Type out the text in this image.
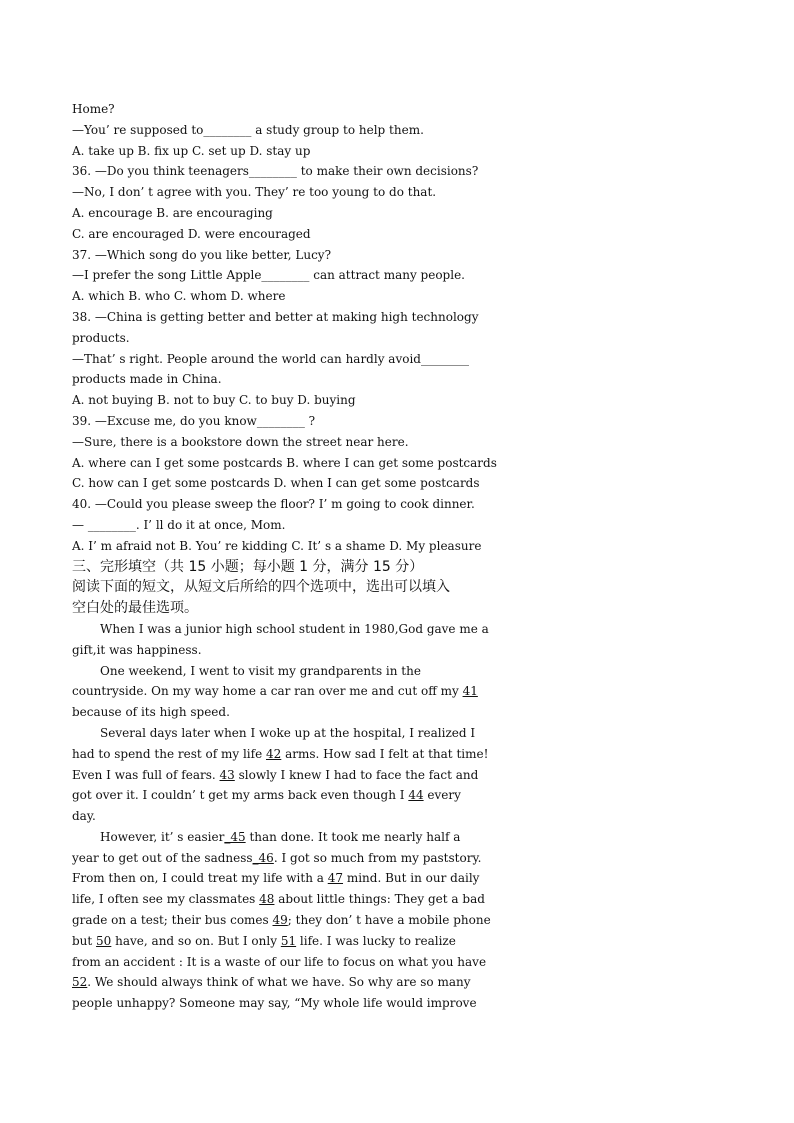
Home?
—You’ re supposed to________ a study group to help them.
A. take up B. fix up C. set up D. stay up
36. —Do you think teenagers________ to make their own decisions?
—No, I don’ t agree with you. They’ re too young to do that.
A. encourage B. are encouraging
C. are encouraged D. were encouraged
37. —Which song do you like better, Lucy?
—I prefer the song Little Apple________ can attract many people.
A. which B. who C. whom D. where
38. —China is getting better and better at making high technology
products.
—That’ s right. People around the world can hardly avoid________
products made in China.
A. not buying B. not to buy C. to buy D. buying
39. —Excuse me, do you know________ ?
—Sure, there is a bookstore down the street near here.
A. where can I get some postcards B. where I can get some postcards
C. how can I get some postcards D. when I can get some postcards
40. —Could you please sweep the floor? I’ m going to cook dinner.
— ________. I’ ll do it at once, Mom.
A. I’ m afraid not B. You’ re kidding C. It’ s a shame D. My pleasure
三、完形填空（共 15 小题；每小题 1 分，满分 15 分）
阅读下面的短文，从短文后所给的四个选项中，选出可以填入
空白处的最佳选项。
When I was a junior high school student in 1980,God gave me a
gift,it was happiness.
One weekend, I went to visit my grandparents in the
countryside. On my way home a car ran over me and cut off my 41
because of its high speed.
Several days later when I woke up at the hospital, I realized I
had to spend the rest of my life 42 arms. How sad I felt at that time!
Even I was full of fears. 43 slowly I knew I had to face the fact and
got over it. I couldn’ t get my arms back even though I 44 every
day.
However, it’ s easier_45 than done. It took me nearly half a
year to get out of the sadness_46. I got so much from my paststory.
From then on, I could treat my life with a 47 mind. But in our daily
life, I often see my classmates 48 about little things: They get a bad
grade on a test; their bus comes 49; they don’ t have a mobile phone
but 50 have, and so on. But I only 51 life. I was lucky to realize
from an accident : It is a waste of our life to focus on what you have
52. We should always think of what we have. So why are so many
people unhappy? Someone may say, “My whole life would improve
